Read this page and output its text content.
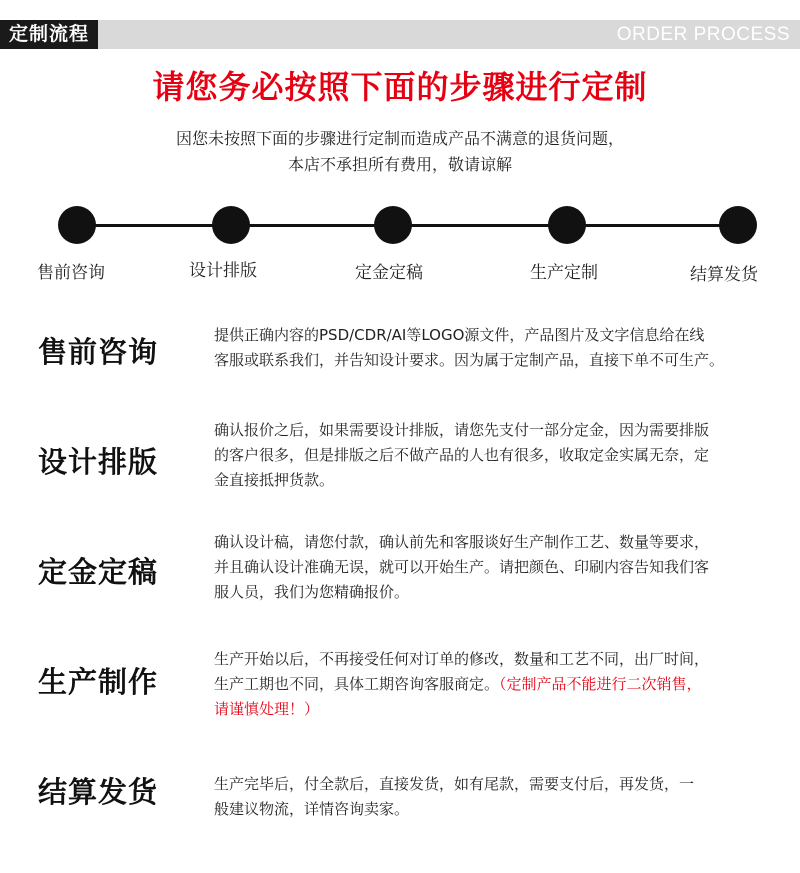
定制流程	ORDER PROCESS
请您务必按照下面的步骤进行定制
因您未按照下面的步骤进行定制而造成产品不满意的退货问题，
本店不承担所有费用，敬请谅解
售前咨询	设计排版	定金定稿	生产定制	结算发货
售前咨询	提供正确内容的PSD/CDR/AI等LOGO源文件，产品图片及文字信息给在线
客服或联系我们，并告知设计要求。因为属于定制产品，直接下单不可生产。
设计排版
确认报价之后，如果需要设计排版，请您先支付一部分定金，因为需要排版
的客户很多，但是排版之后不做产品的人也有很多，收取定金实属无奈，定
金直接抵押货款。
定金定稿
确认设计稿，请您付款，确认前先和客服谈好生产制作工艺、数量等要求，
并且确认设计准确无误，就可以开始生产。请把颜色、印刷内容告知我们客
服人员，我们为您精确报价。
生产制作
生产开始以后，不再接受任何对订单的修改，数量和工艺不同，出厂时间，
生产工期也不同，具体工期咨询客服商定。（定制产品不能进行二次销售，
请谨慎处理！）
结算发货	生产完毕后，付全款后，直接发货，如有尾款，需要支付后，再发货，一
般建议物流，详情咨询卖家。
